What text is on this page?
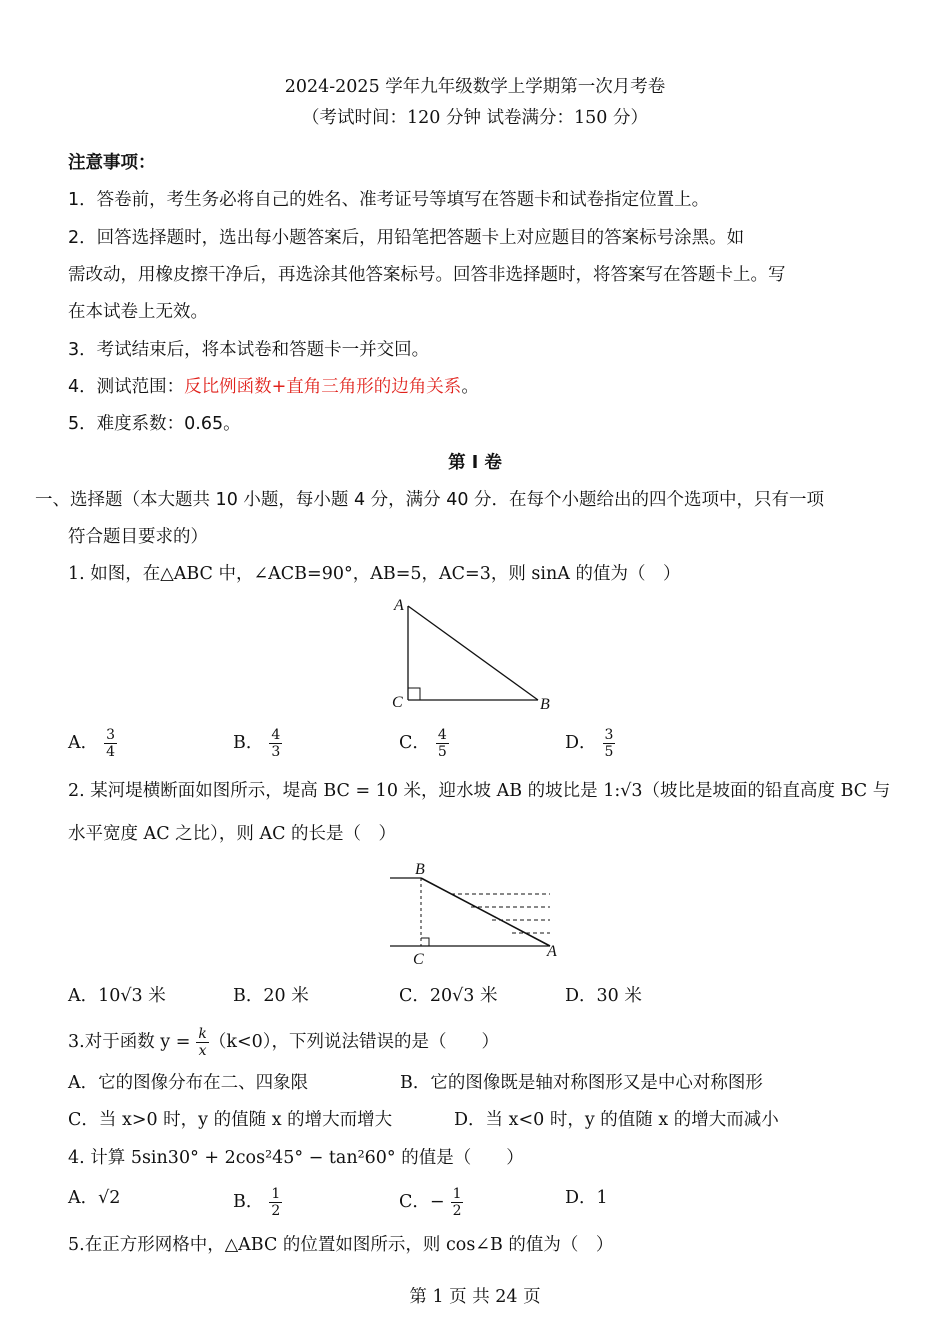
2024-2025 学年九年级数学上学期第一次月考卷
（考试时间：120 分钟 试卷满分：150 分）
注意事项：
1．答卷前，考生务必将自己的姓名、准考证号等填写在答题卡和试卷指定位置上。
2．回答选择题时，选出每小题答案后，用铅笔把答题卡上对应题目的答案标号涂黑。如
需改动，用橡皮擦干净后，再选涂其他答案标号。回答非选择题时，将答案写在答题卡上。写
在本试卷上无效。
3．考试结束后，将本试卷和答题卡一并交回。
4．测试范围：反比例函数+直角三角形的边角关系。
5．难度系数：0.65。
第 Ⅰ 卷
一、选择题（本大题共 10 小题，每小题 4 分，满分 40 分．在每个小题给出的四个选项中，只有一项
符合题目要求的）
1. 如图，在△ABC 中，∠ACB=90°，AB=5，AC=3，则 sinA 的值为（　）
A
C	B
A． $\frac{3}{4}$	B． $\frac{4}{3}$	C． $\frac{4}{5}$	D． $\frac{3}{5}$
2. 某河堤横断面如图所示，堤高 BC = 10 米，迎水坡 AB 的坡比是 1:√3（坡比是坡面的铅直高度 BC 与
水平宽度 AC 之比），则 AC 的长是（　）
B
C	A
A．10√3 米	B．20 米	C．20√3 米	D．30 米
3.对于函数 $y = \frac{k}{x} (k<0)$，下列说法错误的是（　　）
A．它的图像分布在二、四象限	B．它的图像既是轴对称图形又是中心对称图形
C．当 x>0 时，y 的值随 x 的增大而增大	D．当 x<0 时，y 的值随 x 的增大而减小
4. 计算 5sin30° + 2cos²45° − tan²60° 的值是（　　）
A．√2	B． $\frac{1}{2}$	C．− $\frac{1}{2}$	D．1
5.在正方形网格中，△ABC 的位置如图所示，则 cos∠B 的值为（　）
第 1 页 共 24 页
